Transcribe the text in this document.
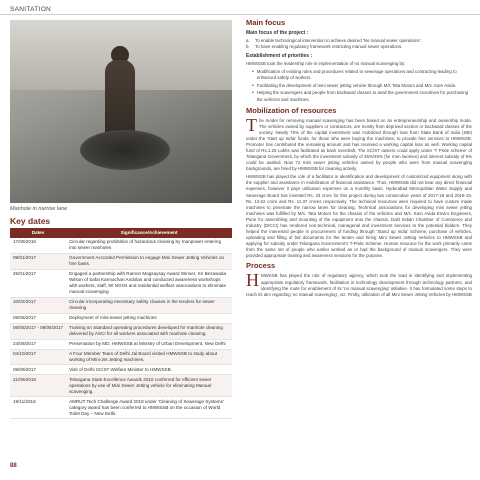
SANITATION
Manhole in narrow lane
Key dates
Dates	Significance/Achievement
17/08/2016	Circular regarding prohibition of hazardous cleaning by manpower entering into sewer manholes
09/01/2017	Government Accorded Permission to engage Mini Sewer Jetting Vehicles on hire basis.
25/01/2017	Engaged a partnership with Ramon Magsaysay Award Winner, Sri Bezawada Wilson of Safai Karmachari Andolan and conducted awareness workshops with workers, staff, 90 NGOs and residential welfare associations to eliminate manual scavenging
10/02/2017	Circular incorporating necessary safety clauses in the tenders for sewer cleaning
05/06/2017	Deployment of mini-sewer jetting machines
06/06/2017 - 09/06/2017	Training on Standard operating procedures developed for manhole cleaning delivered by ASCI for all workers associated with manhole cleaning.
24/09/2017	Presentation by MD, HMWSSB at Ministry of Urban Development, New Delhi
04/10/2017	A Four Member Team of Delhi Jal Board visited HMWSSB to study about working of Mini-Jet Jetting machines.
09/09/2017	Visit of Delhi SC/ST Welfare Minister to HMWSSB.
21/09/2018	Telangana State Excellence Awards 2018 conferred for efficient sewer operations by use of Mini Sewer Jetting vehicle for eliminating Manual scavenging.
19/11/2018	AMRUT Tech Challenge Award 2018 under 'Cleaning of Sewerage Systems' category award has been conferred to HMWSSB on the occasion of World Toilet Day – New Delhi.
Main focus
Main focus of the project :
a.	To enable technological intervention to achieve desired 'No manual sewer operations'.
b.	To have enabling regulatory framework restricting manual sewer operations.
Establishment of priorities :
HMWSSB took the leadership role in implementation of no manual scavenging by:
• Modification of existing rules and procedures related to sewerage operations and contracting leading to enhanced safety of workers.
• Facilitating the development of mini sewer jetting vehicle through M/s Tata Motors and M/s. Kam Avida.
• Helping the scavengers and people from backward classes to avail the government incentives for purchasing the vehicles and machines.
Mobilization of resources
The model for removing manual scavenging has been based on an entrepreneurship and ownership mode. The vehicles owned by suppliers or contractors, are mostly from deprived section or backward classes of the society. Nearly 75% of the capital investment was mobilized through loan from State Bank of India (SBI) under the 'Start up India' funds, for those who were buying the machines; to provide hire services to HMWSSB. Promoter has contributed the remaining amount and has received a working capital loan as well. Working capital fund of Rs.1.25 Lakhs was facilitated as bank overdraft. The SC/ST owners could apply under 'T Pride scheme' of Telangana Government, by which the investment subsidy of 35%/45% (for men /women) and interest subsidy of 9% could be availed. Now 72 mini sewer jetting vehicles owned by people who were from manual scavenging backgrounds, are hired by HMWSSB for cleaning activity.
HMWSSB has played the role of a facilitator in identification and development of customized equipment along with the supplier and assistance in mobilization of financial assistance. Thus, HMWSSB did not bear any direct financial expenses, however it pays utilization expenses on a monthly basis. Hyderabad Metropolitan Water Supply and Sewerage Board has invested Rs. 33 crore for this project during two consecutive years of 2017-18 and 2018-19, Rs. 13.62 crore and Rs. 11.37 crores respectively. The technical resources were required to have custom made machines to penetrate the narrow lanes for cleaning. Technical associations for developing mini sewer jetting machines was fulfilled by M/s. Tata Motors for the chassis of the vehicles and M/s. Kam Avida Enviro Engineers, Pune for assembling and mounting of the equipment onto the chassis. Dalit Indian Chamber of Commerce and Industry (DICCI) has rendered non-technical, managerial and investment services to the potential bidders. They helped the interested people in procurement of funding through 'Stand up India' Scheme, purchase of vehicles, uploading and filling of bid documents for the tender and hiring Mini Sewer Jetting Vehicles to HMWSSB and applying for subsidy under Telangana Government's T-Pride Scheme. Human resource for the work primarily came from the same set of people who earlier worked as or had the background of manual scavengers. They were provided appropriate training and awareness sessions for the purpose.
Process
HMWSSB has played the role of regulatory agency, which took the lead in identifying and implementing appropriate regulatory framework, facilitation in technology development through technology partners, and identifying the route for enablement of its 'no manual scavenging' initiative. It has formulated some steps to reach its aim regarding 'no manual scavenging', viz. Firstly, utilization of all Mini Sewer Jetting Vehicles by HMWSSB
88
